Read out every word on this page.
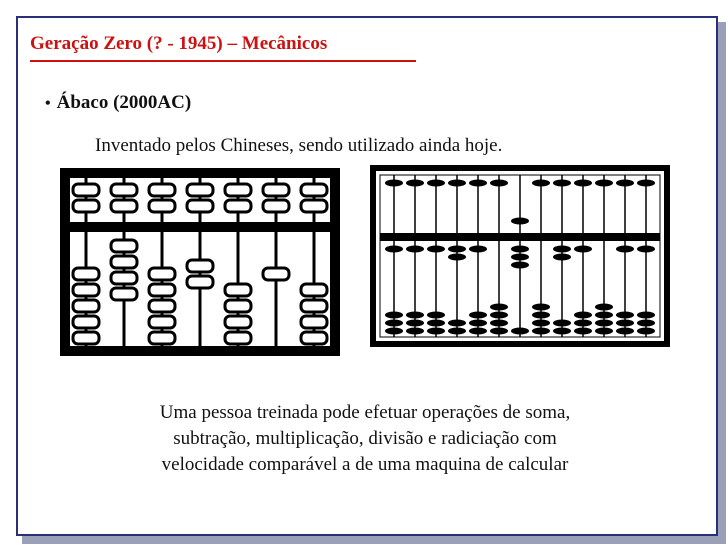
Geração Zero (? - 1945) – Mecânicos
• Ábaco (2000AC)
Inventado pelos Chineses, sendo utilizado ainda hoje.
Uma pessoa treinada pode efetuar operações de soma,
subtração, multiplicação, divisão e radiciação com
velocidade comparável a de uma maquina de calcular
